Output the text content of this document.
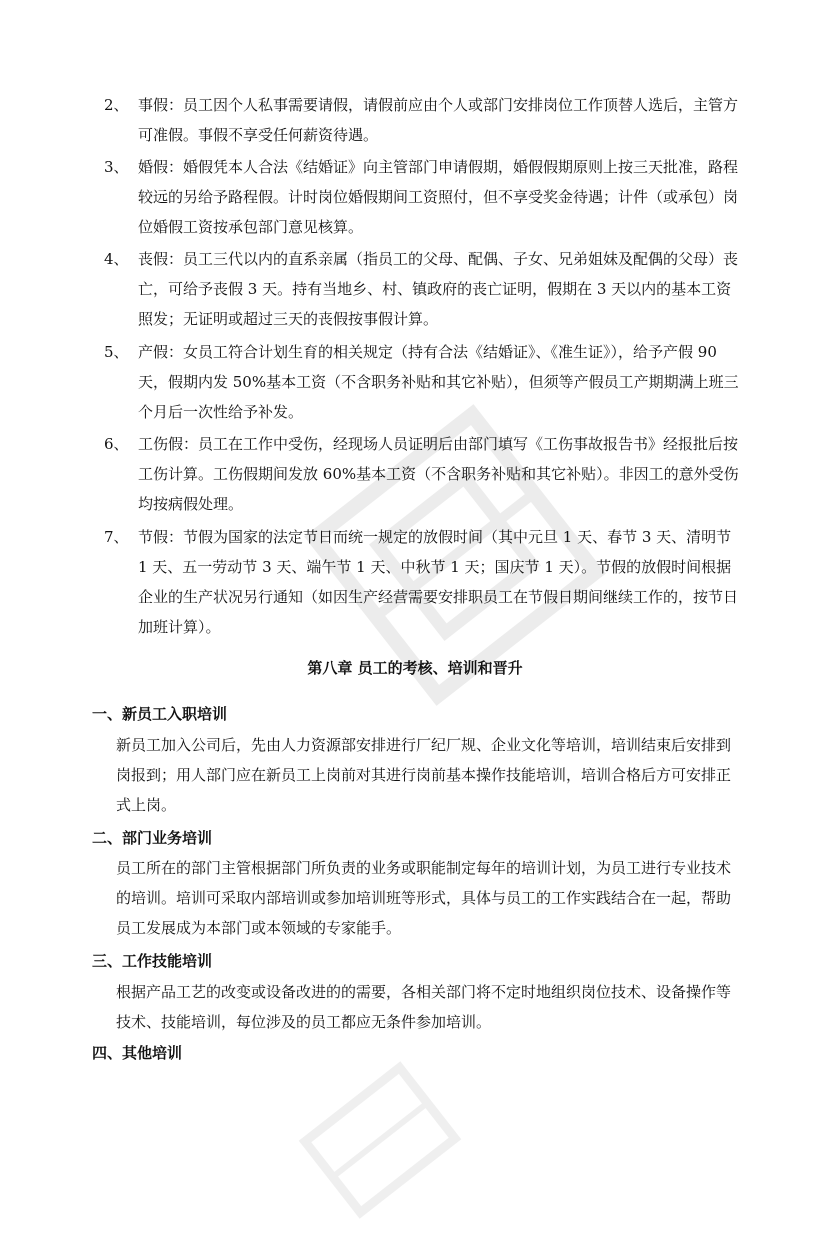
2、 事假：员工因个人私事需要请假，请假前应由个人或部门安排岗位工作顶替人选后，主管方可准假。事假不享受任何薪资待遇。
3、 婚假：婚假凭本人合法《结婚证》向主管部门申请假期，婚假假期原则上按三天批准，路程较远的另给予路程假。计时岗位婚假期间工资照付，但不享受奖金待遇；计件（或承包）岗位婚假工资按承包部门意见核算。
4、 丧假：员工三代以内的直系亲属（指员工的父母、配偶、子女、兄弟姐妹及配偶的父母）丧亡，可给予丧假 3 天。持有当地乡、村、镇政府的丧亡证明，假期在 3 天以内的基本工资照发；无证明或超过三天的丧假按事假计算。
5、 产假：女员工符合计划生育的相关规定（持有合法《结婚证》、《准生证》），给予产假 90 天，假期内发 50%基本工资（不含职务补贴和其它补贴），但须等产假员工产期期满上班三个月后一次性给予补发。
6、 工伤假：员工在工作中受伤，经现场人员证明后由部门填写《工伤事故报告书》经报批后按工伤计算。工伤假期间发放 60%基本工资（不含职务补贴和其它补贴）。非因工的意外受伤均按病假处理。
7、 节假：节假为国家的法定节日而统一规定的放假时间（其中元旦 1 天、春节 3 天、清明节 1 天、五一劳动节 3 天、端午节 1 天、中秋节 1 天；国庆节 1 天）。节假的放假时间根据企业的生产状况另行通知（如因生产经营需要安排职员工在节假日期间继续工作的，按节日加班计算）。
第八章 员工的考核、培训和晋升
一、新员工入职培训
新员工加入公司后，先由人力资源部安排进行厂纪厂规、企业文化等培训，培训结束后安排到岗报到；用人部门应在新员工上岗前对其进行岗前基本操作技能培训，培训合格后方可安排正式上岗。
二、部门业务培训
员工所在的部门主管根据部门所负责的业务或职能制定每年的培训计划，为员工进行专业技术的培训。培训可采取内部培训或参加培训班等形式，具体与员工的工作实践结合在一起，帮助员工发展成为本部门或本领域的专家能手。
三、工作技能培训
根据产品工艺的改变或设备改进的的需要，各相关部门将不定时地组织岗位技术、设备操作等技术、技能培训，每位涉及的员工都应无条件参加培训。
四、其他培训
